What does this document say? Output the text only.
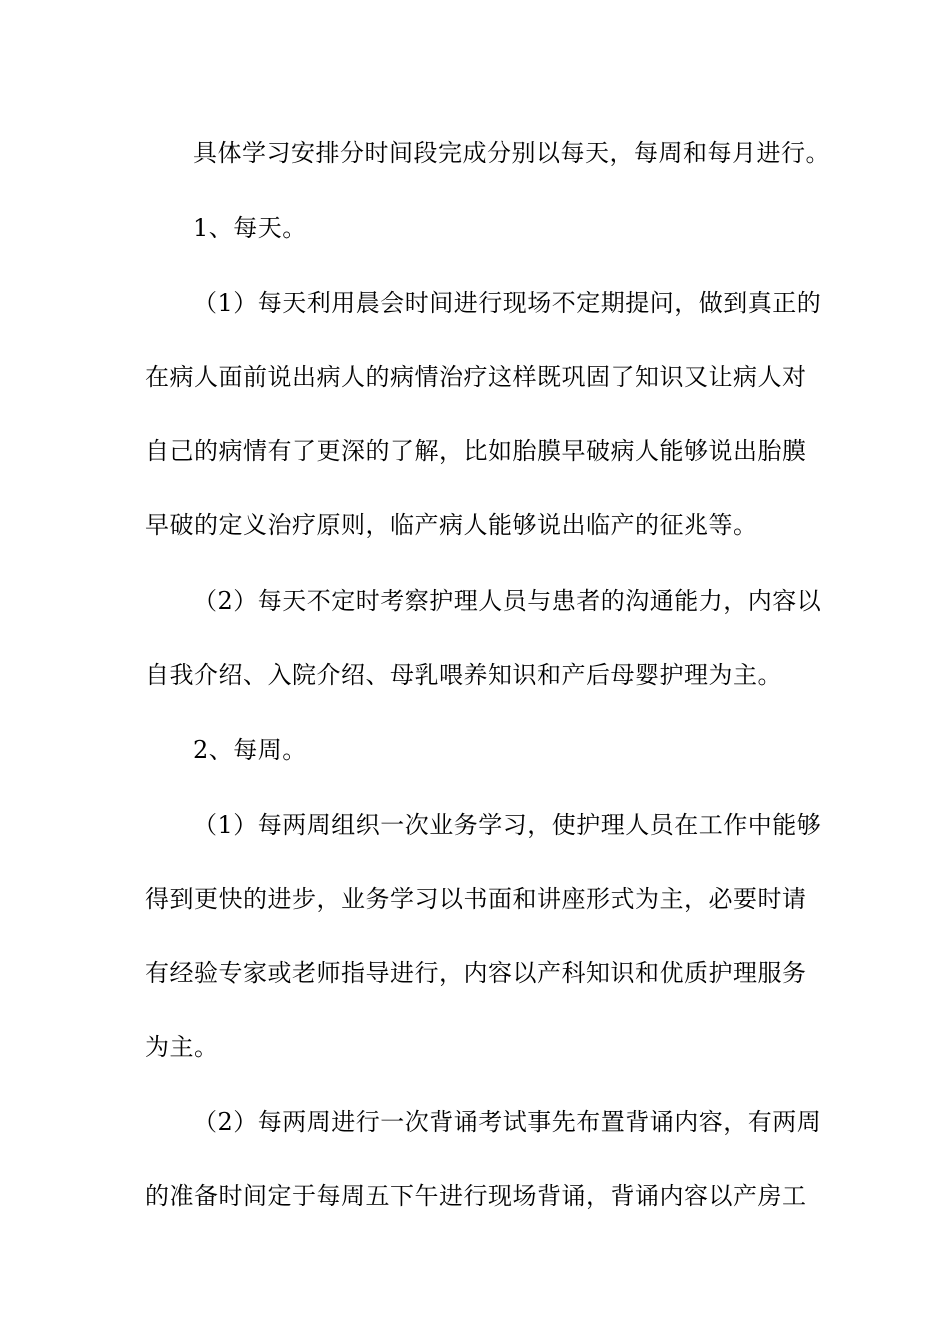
具体学习安排分时间段完成分别以每天，每周和每月进行。
1、每天。
（1）每天利用晨会时间进行现场不定期提问，做到真正的
在病人面前说出病人的病情治疗这样既巩固了知识又让病人对
自己的病情有了更深的了解，比如胎膜早破病人能够说出胎膜
早破的定义治疗原则，临产病人能够说出临产的征兆等。
（2）每天不定时考察护理人员与患者的沟通能力，内容以
自我介绍、入院介绍、母乳喂养知识和产后母婴护理为主。
2、每周。
（1）每两周组织一次业务学习，使护理人员在工作中能够
得到更快的进步，业务学习以书面和讲座形式为主，必要时请
有经验专家或老师指导进行，内容以产科知识和优质护理服务
为主。
（2）每两周进行一次背诵考试事先布置背诵内容，有两周
的准备时间定于每周五下午进行现场背诵，背诵内容以产房工
